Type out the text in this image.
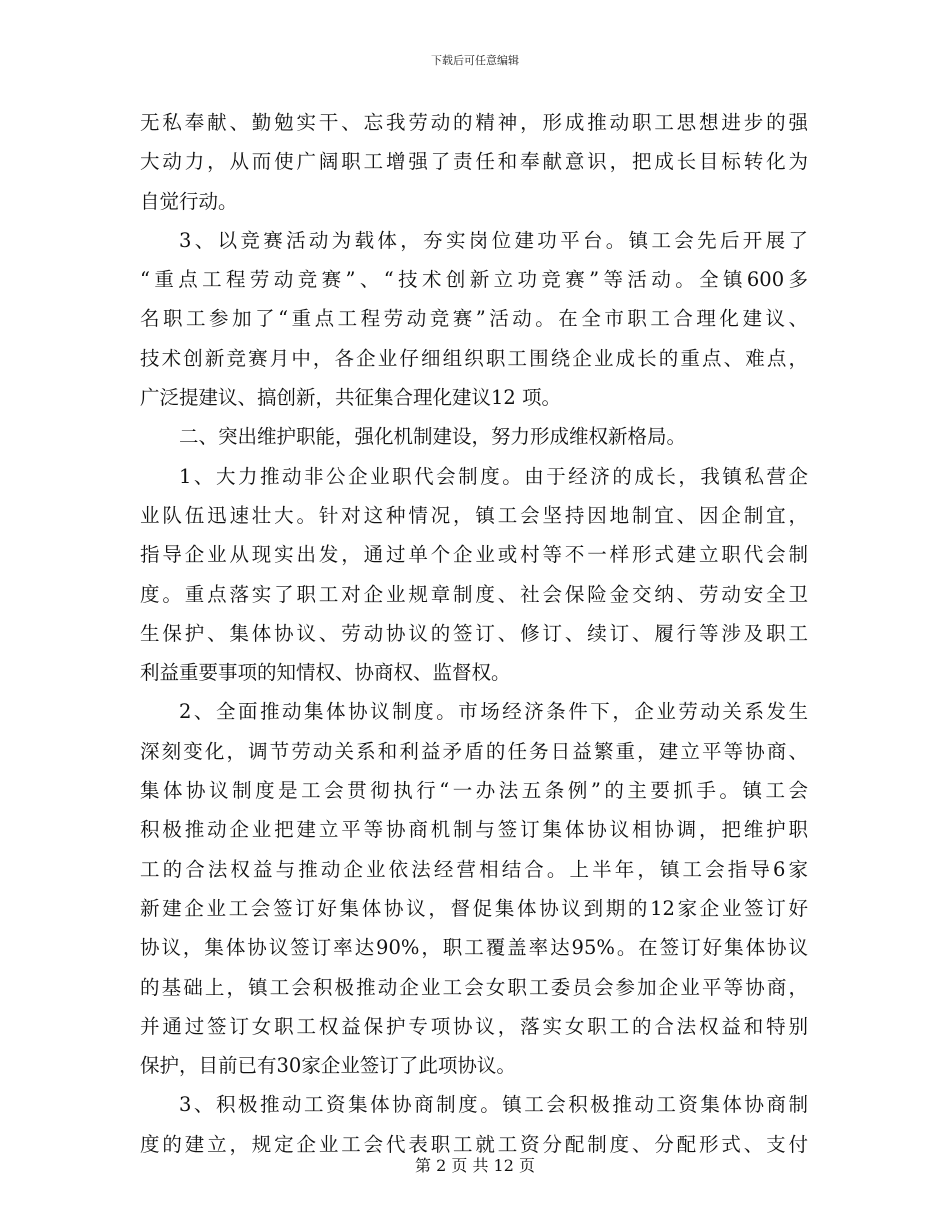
下载后可任意编辑
无私奉献、勤勉实干、忘我劳动的精神，形成推动职工思想进步的强
大动力，从而使广阔职工增强了责任和奉献意识，把成长目标转化为
自觉行动。
3、以竞赛活动为载体，夯实岗位建功平台。镇工会先后开展了
“重点工程劳动竞赛”、“技术创新立功竞赛”等活动。全镇600多
名职工参加了“重点工程劳动竞赛”活动。在全市职工合理化建议、
技术创新竞赛月中，各企业仔细组织职工围绕企业成长的重点、难点，
广泛提建议、搞创新，共征集合理化建议12 项。
二、突出维护职能，强化机制建设，努力形成维权新格局。
1、大力推动非公企业职代会制度。由于经济的成长，我镇私营企
业队伍迅速壮大。针对这种情况，镇工会坚持因地制宜、因企制宜，
指导企业从现实出发，通过单个企业或村等不一样形式建立职代会制
度。重点落实了职工对企业规章制度、社会保险金交纳、劳动安全卫
生保护、集体协议、劳动协议的签订、修订、续订、履行等涉及职工
利益重要事项的知情权、协商权、监督权。
2、全面推动集体协议制度。市场经济条件下，企业劳动关系发生
深刻变化，调节劳动关系和利益矛盾的任务日益繁重，建立平等协商、
集体协议制度是工会贯彻执行“一办法五条例”的主要抓手。镇工会
积极推动企业把建立平等协商机制与签订集体协议相协调，把维护职
工的合法权益与推动企业依法经营相结合。上半年，镇工会指导6家
新建企业工会签订好集体协议，督促集体协议到期的12家企业签订好
协议，集体协议签订率达90%，职工覆盖率达95%。在签订好集体协议
的基础上，镇工会积极推动企业工会女职工委员会参加企业平等协商，
并通过签订女职工权益保护专项协议，落实女职工的合法权益和特别
保护，目前已有30家企业签订了此项协议。
3、积极推动工资集体协商制度。镇工会积极推动工资集体协商制
度的建立，规定企业工会代表职工就工资分配制度、分配形式、支付
第 2 页 共 12 页
